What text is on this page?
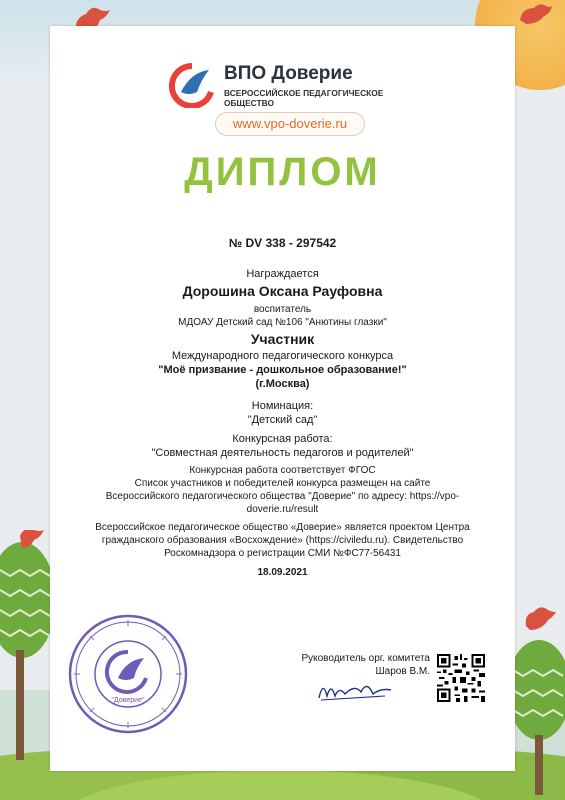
ВПО Доверие
ВСЕРОССИЙСКОЕ ПЕДАГОГИЧЕСКОЕ ОБЩЕСТВО
www.vpo-doverie.ru
ДИПЛОМ
№ DV 338 - 297542
Награждается
Дорошина Оксана Рауфовна
воспитатель
МДОАУ Детский сад №106 "Анютины глазки"
Участник
Международного педагогического конкурса
"Моё призвание - дошкольное образование!"
(г.Москва)
Номинация:
"Детский сад"
Конкурсная работа:
"Совместная деятельность педагогов и родителей"
Конкурсная работа соответствует ФГОС
Список участников и победителей конкурса размещен на сайте
Всероссийского педагогического общества "Доверие" по адресу: https://vpo-
doverie.ru/result
Всероссийское педагогическое общество «Доверие» является проектом Центра
гражданского образования «Восхождение» (https://civiledu.ru). Свидетельство
Роскомнадзора о регистрации СМИ №ФС77-56431
18.09.2021
"Доверие"
Руководитель орг. комитета
Шаров В.М.
